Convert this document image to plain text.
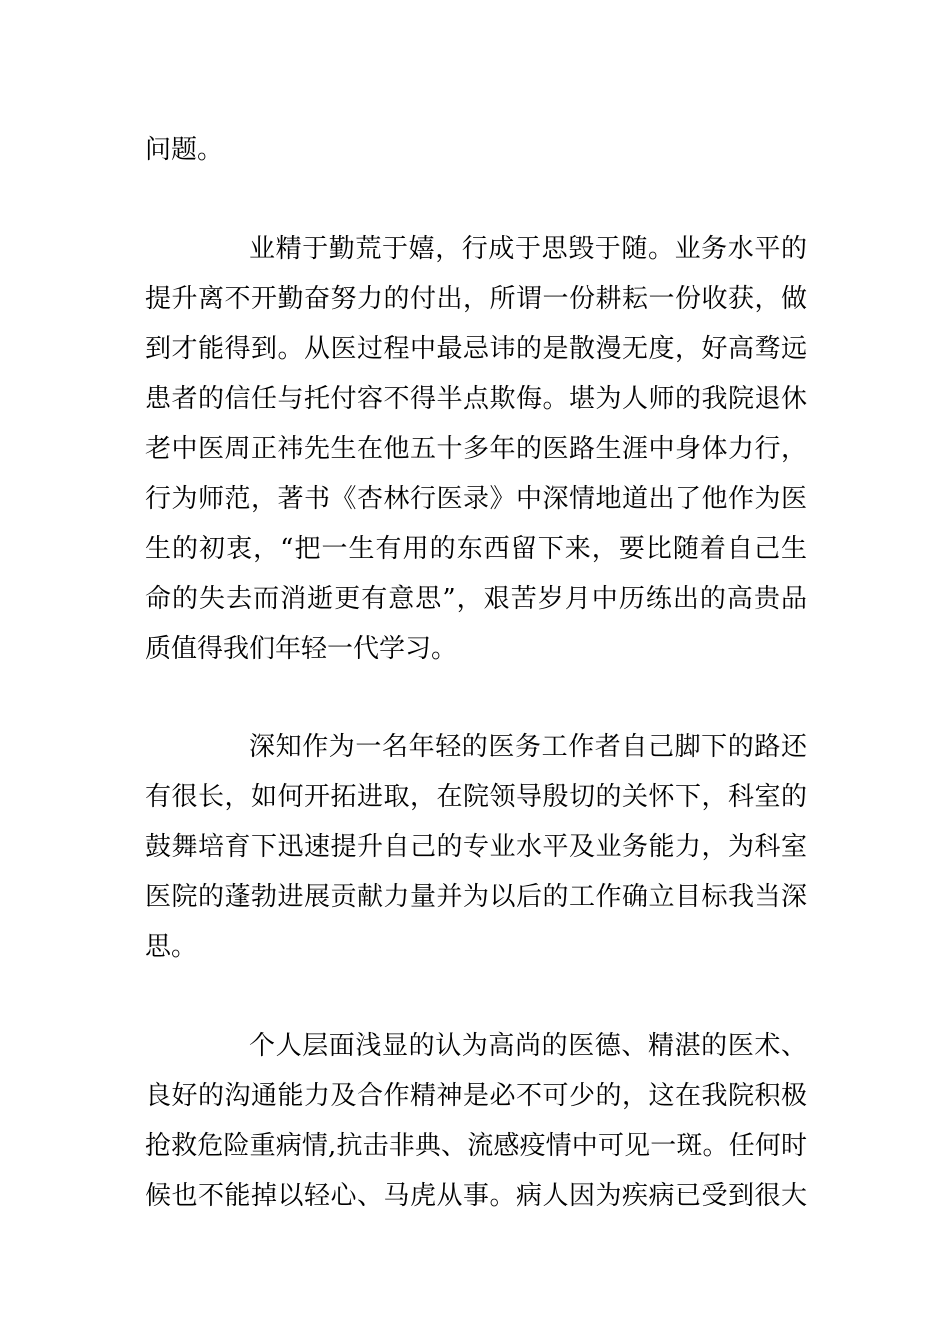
问题。
业精于勤荒于嬉，行成于思毁于随。业务水平的
提升离不开勤奋努力的付出，所谓一份耕耘一份收获，做
到才能得到。从医过程中最忌讳的是散漫无度，好高骛远
患者的信任与托付容不得半点欺侮。堪为人师的我院退休
老中医周正祎先生在他五十多年的医路生涯中身体力行，
行为师范，著书《杏林行医录》中深情地道出了他作为医
生的初衷，“把一生有用的东西留下来，要比随着自己生
命的失去而消逝更有意思”，艰苦岁月中历练出的高贵品
质值得我们年轻一代学习。
深知作为一名年轻的医务工作者自己脚下的路还
有很长，如何开拓进取，在院领导殷切的关怀下，科室的
鼓舞培育下迅速提升自己的专业水平及业务能力，为科室
医院的蓬勃进展贡献力量并为以后的工作确立目标我当深
思。
个人层面浅显的认为高尚的医德、精湛的医术、
良好的沟通能力及合作精神是必不可少的，这在我院积极
抢救危险重病情,抗击非典、流感疫情中可见一斑。任何时
候也不能掉以轻心、马虎从事。病人因为疾病已受到很大
